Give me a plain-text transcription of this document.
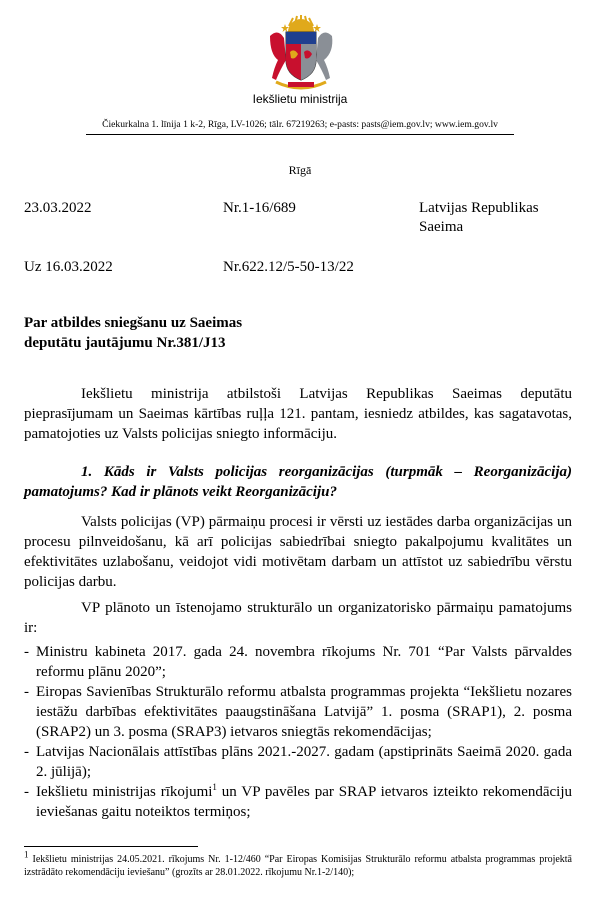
Iekšlietu ministrija
Čiekurkalna 1. līnija 1 k-2, Rīga, LV-1026; tālr. 67219263; e-pasts: pasts@iem.gov.lv; www.iem.gov.lv
Rīgā
23.03.2022	Nr.1-16/689	Latvijas Republikas
Saeima
Uz 16.03.2022	Nr.622.12/5-50-13/22
Par atbildes sniegšanu uz Saeimas
deputātu jautājumu Nr.381/J13
Iekšlietu ministrija atbilstoši Latvijas Republikas Saeimas deputātu pieprasījumam un Saeimas kārtības ruļļa 121. pantam, iesniedz atbildes, kas sagatavotas, pamatojoties uz Valsts policijas sniegto informāciju.
1. Kāds ir Valsts policijas reorganizācijas (turpmāk – Reorganizācija) pamatojums? Kad ir plānots veikt Reorganizāciju?
Valsts policijas (VP) pārmaiņu procesi ir vērsti uz iestādes darba organizācijas un procesu pilnveidošanu, kā arī policijas sabiedrībai sniegto pakalpojumu kvalitātes un efektivitātes uzlabošanu, veidojot vidi motivētam darbam un attīstot uz sabiedrību vērstu policijas darbu.
VP plānoto un īstenojamo strukturālo un organizatorisko pārmaiņu pamatojums ir:
- Ministru kabineta 2017. gada 24. novembra rīkojums Nr. 701 “Par Valsts pārvaldes reformu plānu 2020”;
- Eiropas Savienības Strukturālo reformu atbalsta programmas projekta “Iekšlietu nozares iestāžu darbības efektivitātes paaugstināšana Latvijā” 1. posma (SRAP1), 2. posma (SRAP2) un 3. posma (SRAP3) ietvaros sniegtās rekomendācijas;
- Latvijas Nacionālais attīstības plāns 2021.-2027. gadam (apstiprināts Saeimā 2020. gada 2. jūlijā);
- Iekšlietu ministrijas rīkojumi$^1$ un VP pavēles par SRAP ietvaros izteikto rekomendāciju ieviešanas gaitu noteiktos termiņos;
$^1$ Iekšlietu ministrijas 24.05.2021. rīkojums Nr. 1-12/460 “Par Eiropas Komisijas Strukturālo reformu atbalsta programmas projektā izstrādāto rekomendāciju ieviešanu” (grozīts ar 28.01.2022. rīkojumu Nr.1-2/140);
